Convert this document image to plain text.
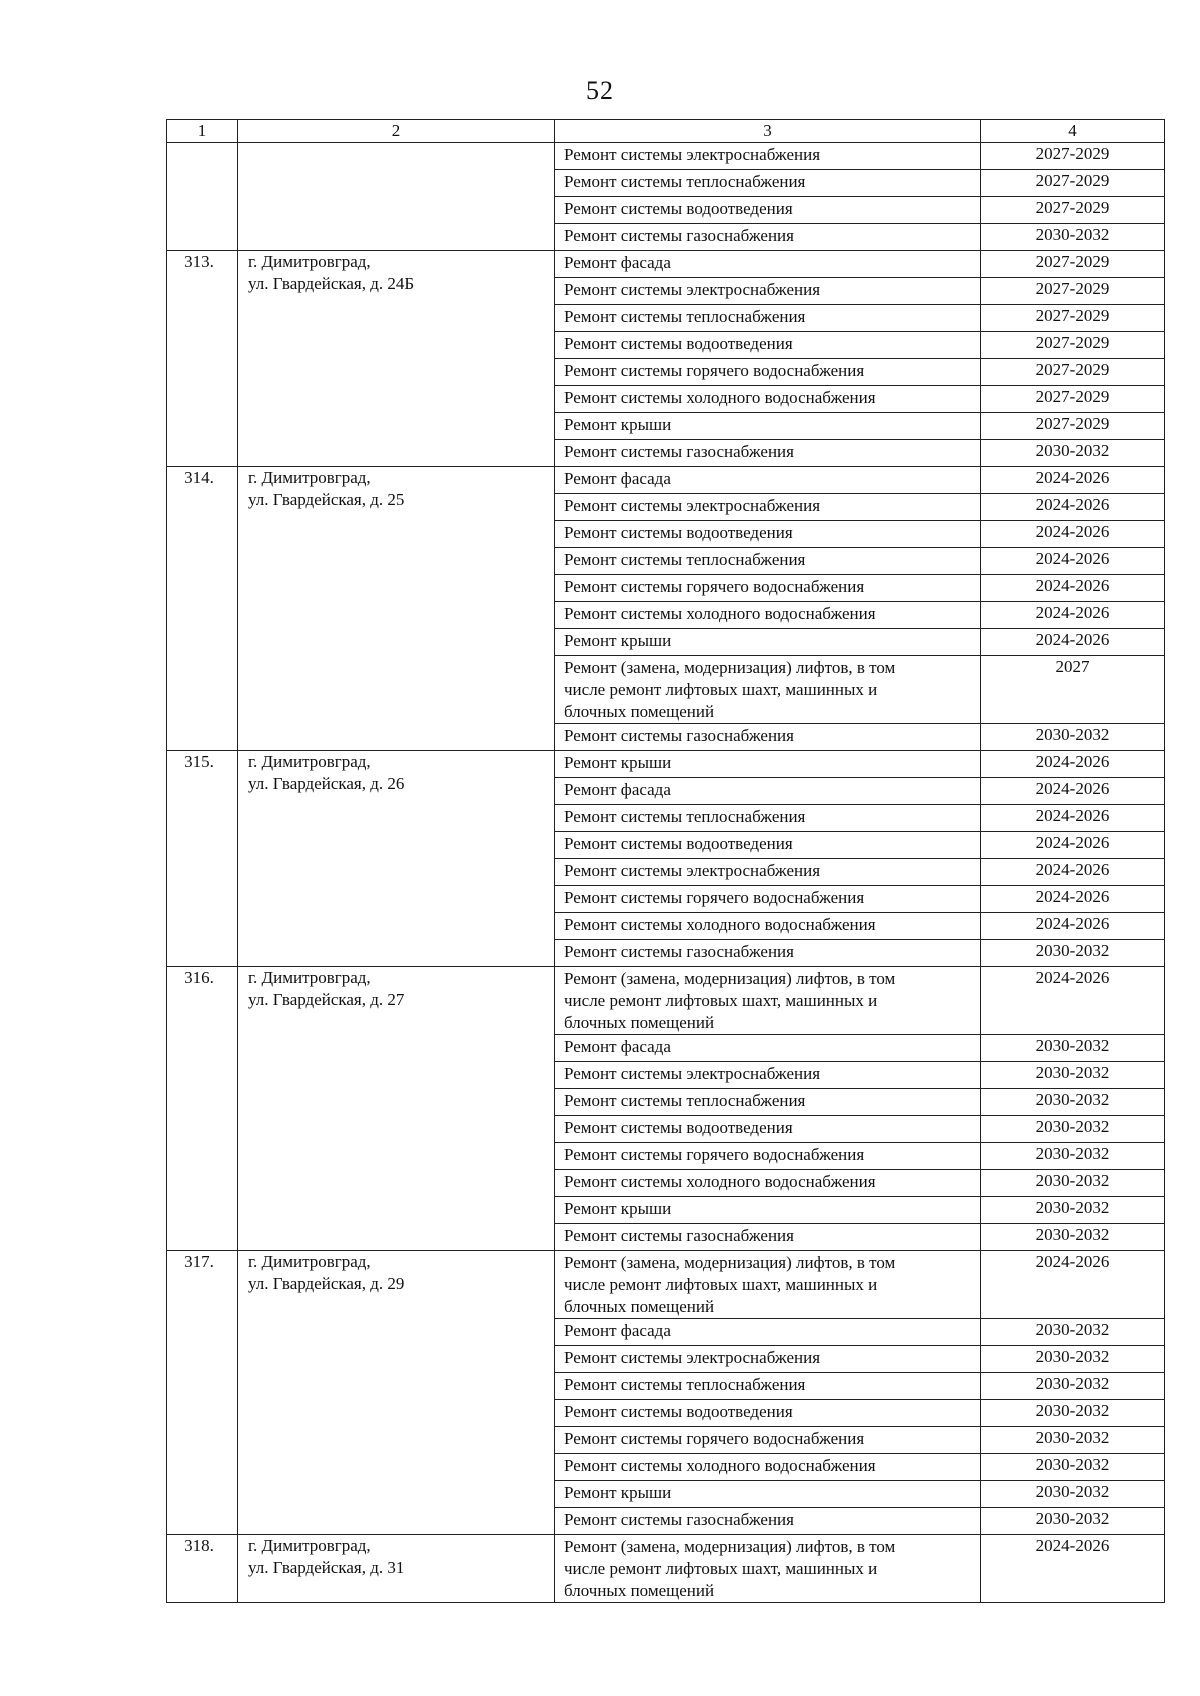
52
1	2	3	4

		Ремонт системы электроснабжения	2027-2029

		Ремонт системы теплоснабжения	2027-2029

		Ремонт системы водоотведения	2027-2029

		Ремонт системы газоснабжения	2030-2032
313.	г. Димитровград,
ул. Гвардейская, д. 24Б	Ремонт фасада	2027-2029

		Ремонт системы электроснабжения	2027-2029

		Ремонт системы теплоснабжения	2027-2029

		Ремонт системы водоотведения	2027-2029

		Ремонт системы горячего водоснабжения	2027-2029

		Ремонт системы холодного водоснабжения	2027-2029

		Ремонт крыши	2027-2029

		Ремонт системы газоснабжения	2030-2032
314.	г. Димитровград,
ул. Гвардейская, д. 25	Ремонт фасада	2024-2026

		Ремонт системы электроснабжения	2024-2026

		Ремонт системы водоотведения	2024-2026

		Ремонт системы теплоснабжения	2024-2026

		Ремонт системы горячего водоснабжения	2024-2026

		Ремонт системы холодного водоснабжения	2024-2026

		Ремонт крыши	2024-2026

		Ремонт (замена, модернизация) лифтов, в том
числе ремонт лифтовых шахт, машинных и
блочных помещений	2027

		Ремонт системы газоснабжения	2030-2032
315.	г. Димитровград,
ул. Гвардейская, д. 26	Ремонт крыши	2024-2026

		Ремонт фасада	2024-2026

		Ремонт системы теплоснабжения	2024-2026

		Ремонт системы водоотведения	2024-2026

		Ремонт системы электроснабжения	2024-2026

		Ремонт системы горячего водоснабжения	2024-2026

		Ремонт системы холодного водоснабжения	2024-2026

		Ремонт системы газоснабжения	2030-2032
316.	г. Димитровград,
ул. Гвардейская, д. 27	Ремонт (замена, модернизация) лифтов, в том
числе ремонт лифтовых шахт, машинных и
блочных помещений	2024-2026

		Ремонт фасада	2030-2032

		Ремонт системы электроснабжения	2030-2032

		Ремонт системы теплоснабжения	2030-2032

		Ремонт системы водоотведения	2030-2032

		Ремонт системы горячего водоснабжения	2030-2032

		Ремонт системы холодного водоснабжения	2030-2032

		Ремонт крыши	2030-2032

		Ремонт системы газоснабжения	2030-2032
317.	г. Димитровград,
ул. Гвардейская, д. 29	Ремонт (замена, модернизация) лифтов, в том
числе ремонт лифтовых шахт, машинных и
блочных помещений	2024-2026

		Ремонт фасада	2030-2032

		Ремонт системы электроснабжения	2030-2032

		Ремонт системы теплоснабжения	2030-2032

		Ремонт системы водоотведения	2030-2032

		Ремонт системы горячего водоснабжения	2030-2032

		Ремонт системы холодного водоснабжения	2030-2032

		Ремонт крыши	2030-2032

		Ремонт системы газоснабжения	2030-2032
318.	г. Димитровград,
ул. Гвардейская, д. 31	Ремонт (замена, модернизация) лифтов, в том
числе ремонт лифтовых шахт, машинных и
блочных помещений	2024-2026
